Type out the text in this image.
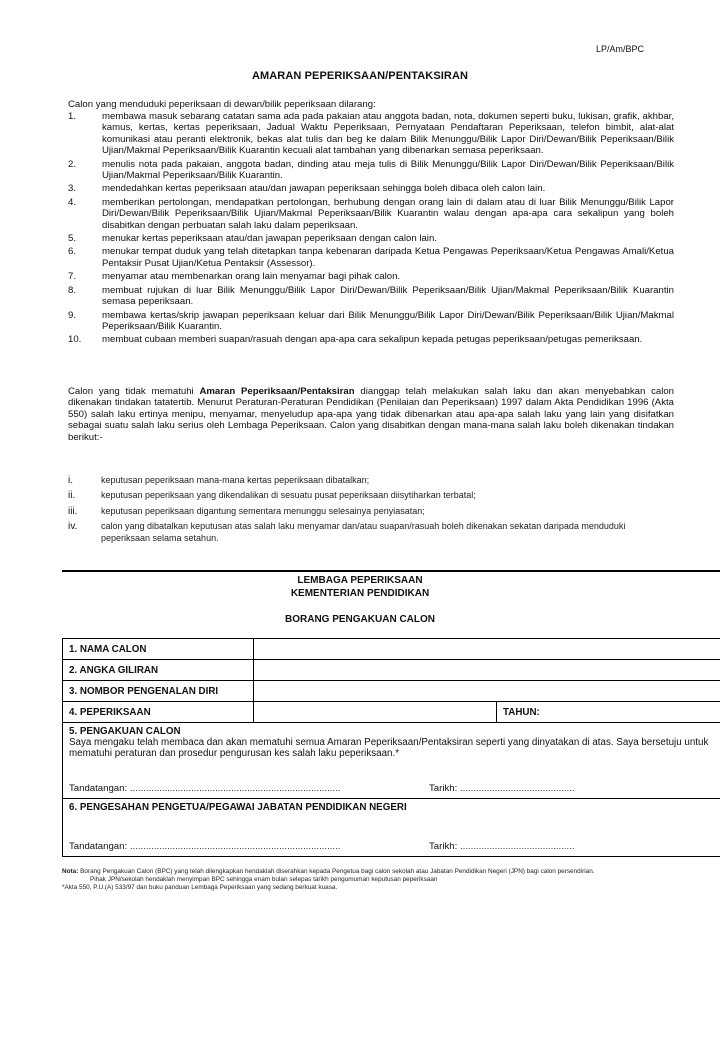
LP/Am/BPC
AMARAN PEPERIKSAAN/PENTAKSIRAN
Calon yang menduduki peperiksaan di dewan/bilik peperiksaan dilarang:
1.	membawa masuk sebarang catatan sama ada pada pakaian atau anggota badan, nota, dokumen seperti buku, lukisan, grafik, akhbar, kamus, kertas, kertas peperiksaan, Jadual Waktu Peperiksaan, Pernyataan Pendaftaran Peperiksaan, telefon bimbit, alat-alat komunikasi atau peranti elektronik, bekas alat tulis dan beg ke dalam Bilik Menunggu/Bilik Lapor Diri/Dewan/Bilik Peperiksaan/Bilik Ujian/Makmal Peperiksaan/Bilik Kuarantin kecuali alat tambahan yang dibenarkan semasa peperiksaan.
2.	menulis nota pada pakaian, anggota badan, dinding atau meja tulis di Bilik Menunggu/Bilik Lapor Diri/Dewan/Bilik Peperiksaan/Bilik Ujian/Makmal Peperiksaan/Bilik Kuarantin.
3.	mendedahkan kertas peperiksaan atau/dan jawapan peperiksaan sehingga boleh dibaca oleh calon lain.
4.	memberikan pertolongan, mendapatkan pertolongan, berhubung dengan orang lain di dalam atau di luar Bilik Menunggu/Bilik Lapor Diri/Dewan/Bilik Peperiksaan/Bilik Ujian/Makmal Peperiksaan/Bilik Kuarantin walau dengan apa-apa cara sekalipun yang boleh disabitkan dengan perbuatan salah laku dalam peperiksaan.
5.	menukar kertas peperiksaan atau/dan jawapan peperiksaan dengan calon lain.
6.	menukar tempat duduk yang telah ditetapkan tanpa kebenaran daripada Ketua Pengawas Peperiksaan/Ketua Pengawas Amali/Ketua Pentaksir Pusat Ujian/Ketua Pentaksir (Assessor).
7.	menyamar atau membenarkan orang lain menyamar bagi pihak calon.
8.	membuat rujukan di luar Bilik Menunggu/Bilik Lapor Diri/Dewan/Bilik Peperiksaan/Bilik Ujian/Makmal Peperiksaan/Bilik Kuarantin semasa peperiksaan.
9.	membawa kertas/skrip jawapan peperiksaan keluar dari Bilik Menunggu/Bilik Lapor Diri/Dewan/Bilik Peperiksaan/Bilik Ujian/Makmal Peperiksaan/Bilik Kuarantin.
10.	membuat cubaan memberi suapan/rasuah dengan apa-apa cara sekalipun kepada petugas peperiksaan/petugas pemeriksaan.
Calon yang tidak mematuhi Amaran Peperiksaan/Pentaksiran dianggap telah melakukan salah laku dan akan menyebabkan calon dikenakan tindakan tatatertib. Menurut Peraturan-Peraturan Pendidikan (Penilaian dan Peperiksaan) 1997 dalam Akta Pendidikan 1996 (Akta 550) salah laku ertinya menipu, menyamar, menyeludup apa-apa yang tidak dibenarkan atau apa-apa salah laku yang lain yang disifatkan sebagai suatu salah laku serius oleh Lembaga Peperiksaan. Calon yang disabitkan dengan mana-mana salah laku boleh dikenakan tindakan berikut:-
i.	keputusan peperiksaan mana-mana kertas peperiksaan dibatalkan;
ii.	keputusan peperiksaan yang dikendalikan di sesuatu pusat peperiksaan diisytiharkan terbatal;
iii.	keputusan peperiksaan digantung sementara menunggu selesainya penyiasatan;
iv.	calon yang dibatalkan keputusan atas salah laku menyamar dan/atau suapan/rasuah boleh dikenakan sekatan daripada menduduki peperiksaan selama setahun.
LEMBAGA PEPERIKSAAN
KEMENTERIAN PENDIDIKAN
BORANG PENGAKUAN CALON
1. NAMA CALON		
2. ANGKA GILIRAN		
3. NOMBOR PENGENALAN DIRI		
4. PEPERIKSAAN		TAHUN:

5. PENGAKUAN CALON
Saya mengaku telah membaca dan akan mematuhi semua Amaran Peperiksaan/Pentaksiran seperti yang dinyatakan di atas. Saya bersetuju untuk mematuhi peraturan dan prosedur pengurusan kes salah laku peperiksaan.*
Tandatangan: ............................................................................... Tarikh: ...........................................		

6. PENGESAHAN PENGETUA/PEGAWAI JABATAN PENDIDIKAN NEGERI
Tandatangan: ............................................................................... Tarikh: ...........................................		
Nota: Borang Pengakuan Calon (BPC) yang telah dilengkapkan hendaklah diserahkan kepada Pengetua bagi calon sekolah atau Jabatan Pendidikan Negeri (JPN) bagi calon persendirian.
Pihak JPN/sekolah hendaklah menyimpan BPC sehingga enam bulan selepas tarikh pengumuman keputusan peperiksaan
*Akta 550, P.U.(A) 533/97 dan buku panduan Lembaga Peperiksaan yang sedang berkuat kuasa.
